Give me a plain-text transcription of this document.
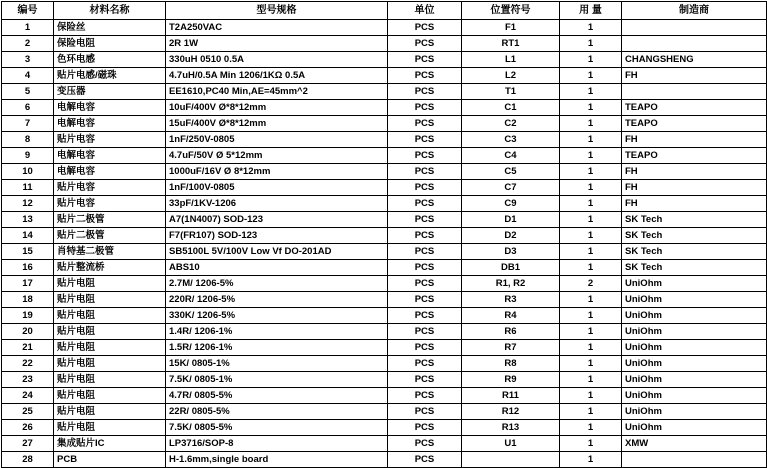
编号	材料名称	型号规格	单位	位置符号	用 量	制造商
1	保险丝	T2A250VAC	PCS	F1	1	
2	保险电阻	2R 1W	PCS	RT1	1	
3	色环电感	330uH 0510 0.5A	PCS	L1	1	CHANGSHENG
4	贴片电感/磁珠	4.7uH/0.5A Min 1206/1KΩ 0.5A	PCS	L2	1	FH
5	变压器	EE1610,PC40 Min,AE=45mm^2	PCS	T1	1	
6	电解电容	10uF/400V Ø*8*12mm	PCS	C1	1	TEAPO
7	电解电容	15uF/400V Ø*8*12mm	PCS	C2	1	TEAPO
8	贴片电容	1nF/250V-0805	PCS	C3	1	FH
9	电解电容	4.7uF/50V Ø 5*12mm	PCS	C4	1	TEAPO
10	电解电容	1000uF/16V Ø 8*12mm	PCS	C5	1	FH
11	贴片电容	1nF/100V-0805	PCS	C7	1	FH
12	贴片电容	33pF/1KV-1206	PCS	C9	1	FH
13	贴片二极管	A7(1N4007) SOD-123	PCS	D1	1	SK Tech
14	贴片二极管	F7(FR107) SOD-123	PCS	D2	1	SK Tech
15	肖特基二极管	SB5100L 5V/100V Low Vf DO-201AD	PCS	D3	1	SK Tech
16	贴片整流桥	ABS10	PCS	DB1	1	SK Tech
17	贴片电阻	2.7M/ 1206-5%	PCS	R1, R2	2	UniOhm
18	贴片电阻	220R/ 1206-5%	PCS	R3	1	UniOhm
19	贴片电阻	330K/ 1206-5%	PCS	R4	1	UniOhm
20	贴片电阻	1.4R/ 1206-1%	PCS	R6	1	UniOhm
21	贴片电阻	1.5R/ 1206-1%	PCS	R7	1	UniOhm
22	贴片电阻	15K/ 0805-1%	PCS	R8	1	UniOhm
23	贴片电阻	7.5K/ 0805-1%	PCS	R9	1	UniOhm
24	贴片电阻	4.7R/ 0805-5%	PCS	R11	1	UniOhm
25	贴片电阻	22R/ 0805-5%	PCS	R12	1	UniOhm
26	贴片电阻	7.5K/ 0805-5%	PCS	R13	1	UniOhm
27	集成贴片IC	LP3716/SOP-8	PCS	U1	1	XMW
28	PCB	H-1.6mm,single board	PCS		1	
